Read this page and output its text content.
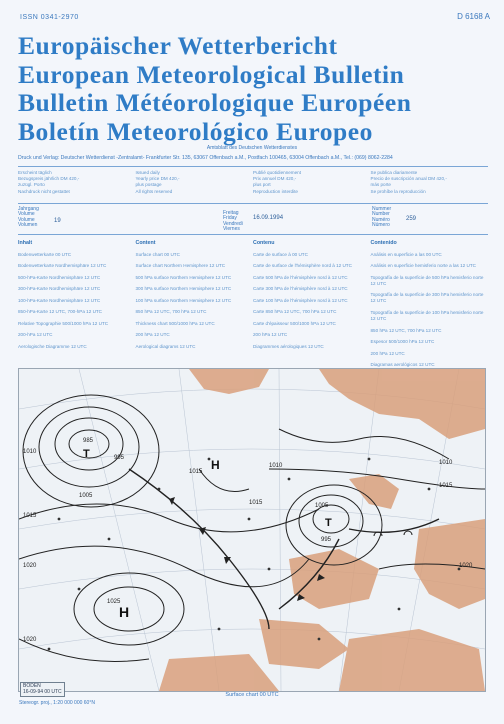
ISSN 0341-2970	D 6168 A
Europäischer Wetterbericht
European Meteorological Bulletin
Bulletin Météorologique Européen
Boletín Meteorológico Europeo
Amtsblatt des Deutschen Wetterdienstes
Druck und Verlag: Deutscher Wetterdienst -Zentralamt- Frankfurter Str. 135, 63067 Offenbach a.M., Postfach 100465, 63004 Offenbach a.M., Tel.: (069) 8062-2284
Erscheint täglich
Bezugspreis jährlich DM 420,-
zuzügl. Porto
Nachdruck nicht gestattet
Issued daily
Yearly price DM 420,-
plus postage
All rights reserved
Publié quotidiennement
Prix annuel DM 420,-
plus port
Reproduction interdite
Se publica diariamente
Precio de suscripción anual DM 420,-
más porte
Se prohíbe la reproducción
Jahrgang
Volume
Volume
Volumen
19
Freitag
Friday
Vendredi
Viernes
16.09.1994
Nummer
Number
Numéro
Número
259
Inhalt
Bodenwetterkarte 00 UTC
Bodenwetterkarte Nordhemisphäre 12 UTC
500-hPa-Karte Nordhemisphäre 12 UTC
300-hPa-Karte Nordhemisphäre 12 UTC
100-hPa-Karte Nordhemisphäre 12 UTC
850-hPa-Karte 12 UTC, 700-hPa 12 UTC
Relative Topographie 500/1000 hPa 12 UTC
200-hPa 12 UTC
Aerologische Diagramme 12 UTC
Content
Surface chart 00 UTC
Surface chart Northern Hemisphere 12 UTC
500 hPa surface Northern Hemisphere 12 UTC
300 hPa surface Northern Hemisphere 12 UTC
100 hPa surface Northern Hemisphere 12 UTC
850 hPa 12 UTC, 700 hPa 12 UTC
Thickness chart 500/1000 hPa 12 UTC
200 hPa 12 UTC
Aerological diagrams 12 UTC
Contenu
Carte de surface à 00 UTC
Carte de surface de l'hémisphère nord à 12 UTC
Carte 500 hPa de l'hémisphère nord à 12 UTC
Carte 300 hPa de l'hémisphère nord à 12 UTC
Carte 100 hPa de l'hémisphère nord à 12 UTC
Carte 850 hPa 12 UTC, 700 hPa 12 UTC
Carte d'épaisseur 500/1000 hPa 12 UTC
200 hPa 12 UTC
Diagrammes aérologiques 12 UTC
Contenido
Análisis en superficie a las 00 UTC
Análisis en superficie hemisferio norte a las 12 UTC
Topografía de la superficie de 500 hPa hemisferio norte 12 UTC
Topografía de la superficie de 300 hPa hemisferio norte 12 UTC
Topografía de la superficie de 100 hPa hemisferio norte 12 UTC
850 hPa 12 UTC, 700 hPa 12 UTC
Espesor 500/1000 hPa 12 UTC
200 hPa 12 UTC
Diagramas aerológicos 12 UTC
985
995
1005
1010
1015
1020
1025
1015
1010
1005
995
1010
1015
1020
1020
1015
H
H
T
T
BODEN
16-09-94 00 UTC
Surface chart 00 UTC
Stereogr. proj., 1:20 000 000 60°N
